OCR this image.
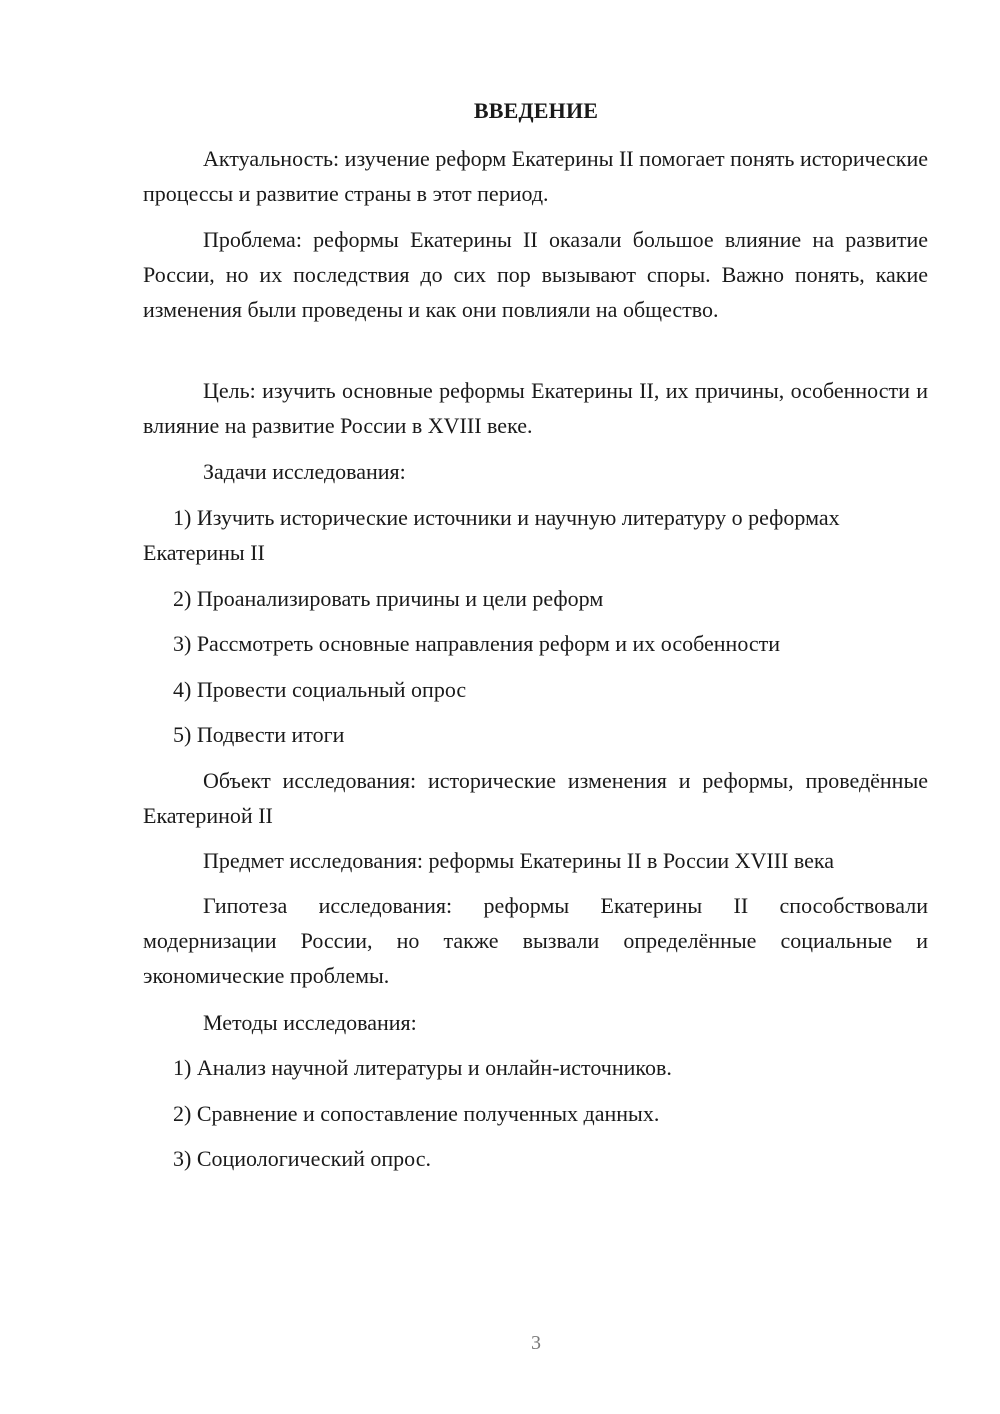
ВВЕДЕНИЕ
Актуальность: изучение реформ Екатерины II помогает понять исторические процессы и развитие страны в этот период.
Проблема: реформы Екатерины II оказали большое влияние на развитие России, но их последствия до сих пор вызывают споры. Важно понять, какие изменения были проведены и как они повлияли на общество.
Цель: изучить основные реформы Екатерины II, их причины, особенности и влияние на развитие России в XVIII веке.
Задачи исследования:
1) Изучить исторические источники и научную литературу о реформах Екатерины II
2) Проанализировать причины и цели реформ
3) Рассмотреть основные направления реформ и их особенности
4) Провести социальный опрос
5) Подвести итоги
Объект исследования: исторические изменения и реформы, проведённые Екатериной II
Предмет исследования: реформы Екатерины II в России XVIII века
Гипотеза исследования: реформы Екатерины II способствовали модернизации России, но также вызвали определённые социальные и экономические проблемы.
Методы исследования:
1) Анализ научной литературы и онлайн-источников.
2) Сравнение и сопоставление полученных данных.
3) Социологический опрос.
3
